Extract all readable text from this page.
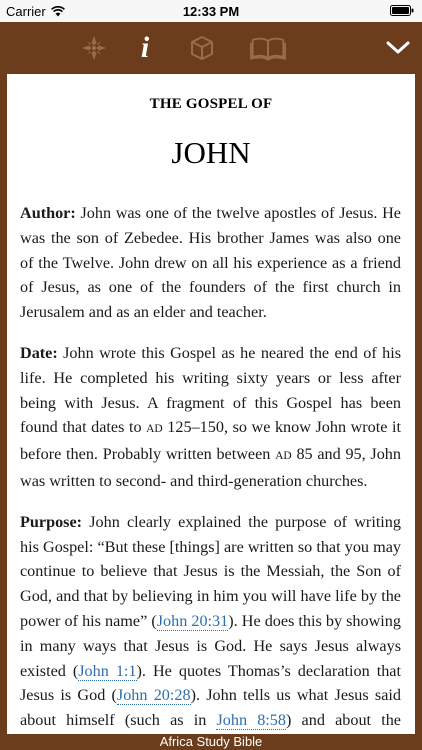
Carrier	12:33 PM
i
THE GOSPEL OF
JOHN

Author: John was one of the twelve apostles of Jesus. He was the son of Zebedee. His brother James was also one of the Twelve. John drew on all his experience as a friend of Jesus, as one of the founders of the first church in Jerusalem and as an elder and teacher.

Date: John wrote this Gospel as he neared the end of his life. He completed his writing sixty years or less after being with Jesus. A fragment of this Gospel has been found that dates to AD 125–150, so we know John wrote it before then. Probably written between AD 85 and 95, John was written to second- and third-generation churches.

Purpose: John clearly explained the purpose of writing his Gospel: “But these [things] are written so that you may continue to believe that Jesus is the Messiah, the Son of God, and that by believing in him you will have life by the power of his name” (John 20:31). He does this by showing in many ways that Jesus is God. He says Jesus always existed (John 1:1). He quotes Thomas’s declaration that Jesus is God (John 20:28). John tells us what Jesus said about himself (such as in John 8:58) and about the

Africa Study Bible
